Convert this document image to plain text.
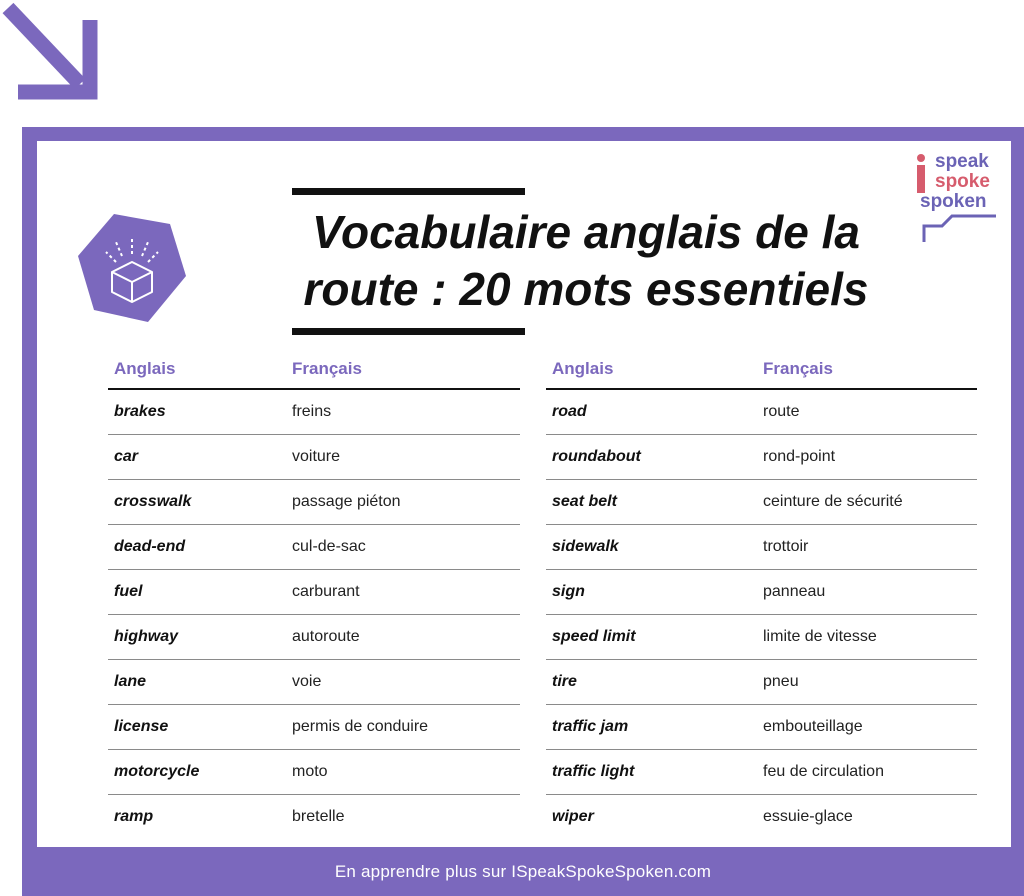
Vocabulaire anglais de la route : 20 mots essentiels
speak
spoke
spoken
Anglais	Français
brakes	freins
car	voiture
crosswalk	passage piéton
dead-end	cul-de-sac
fuel	carburant
highway	autoroute
lane	voie
license	permis de conduire
motorcycle	moto
ramp	bretelle
Anglais	Français
road	route
roundabout	rond-point
seat belt	ceinture de sécurité
sidewalk	trottoir
sign	panneau
speed limit	limite de vitesse
tire	pneu
traffic jam	embouteillage
traffic light	feu de circulation
wiper	essuie-glace
En apprendre plus sur ISpeakSpokeSpoken.com
